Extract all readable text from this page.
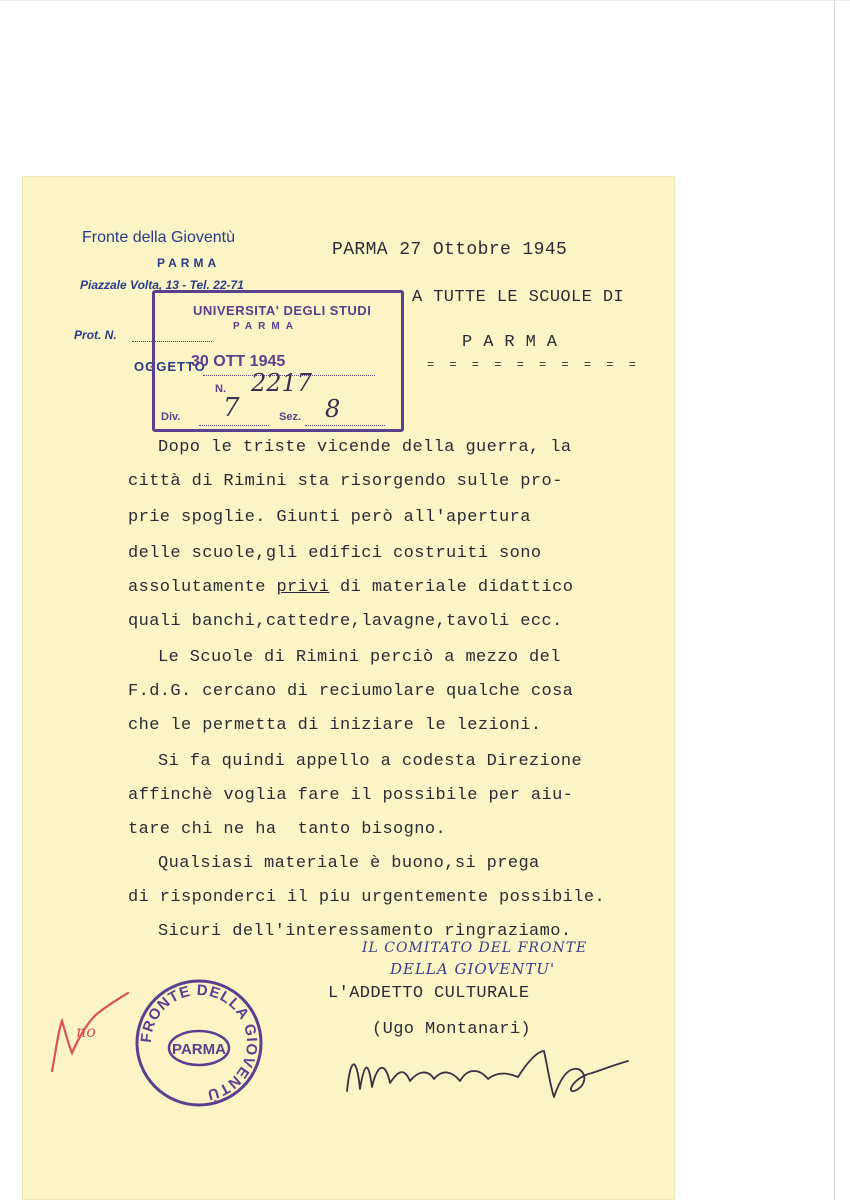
Fronte della Gioventù
PARMA
Piazzale Volta, 13 - Tel. 22-71
Prot. N.
OGGETTO
PARMA 27 Ottobre 1945
A TUTTE LE SCUOLE DI
PARMA
= = = = = = = = = =
UNIVERSITA' DEGLI STUDI
PARMA
30 OTT 1945
N. 2217
Div. 7	Sez. 8
Dopo le triste vicende della guerra, la
città di Rimini sta risorgendo sulle pro-
prie spoglie. Giunti però all'apertura
delle scuole,gli edifici costruiti sono
assolutamente privi di materiale didattico
quali banchi,cattedre,lavagne,tavoli ecc.
Le Scuole di Rimini perciò a mezzo del
F.d.G. cercano di reciumolare qualche cosa
che le permetta di iniziare le lezioni.
Si fa quindi appello a codesta Direzione
affinchè voglia fare il possibile per aiu-
tare chi ne ha  tanto bisogno.
Qualsiasi materiale è buono,si prega
di risponderci il piu urgentemente possibile.
Sicuri dell'interessamento ringraziamo.
IL COMITATO DEL FRONTE
DELLA GIOVENTU'
L'ADDETTO CULTURALE
(Ugo Montanari)
FRONTE DELLA GIOVENTÙ
PARMA
no
Montanari Ugo
